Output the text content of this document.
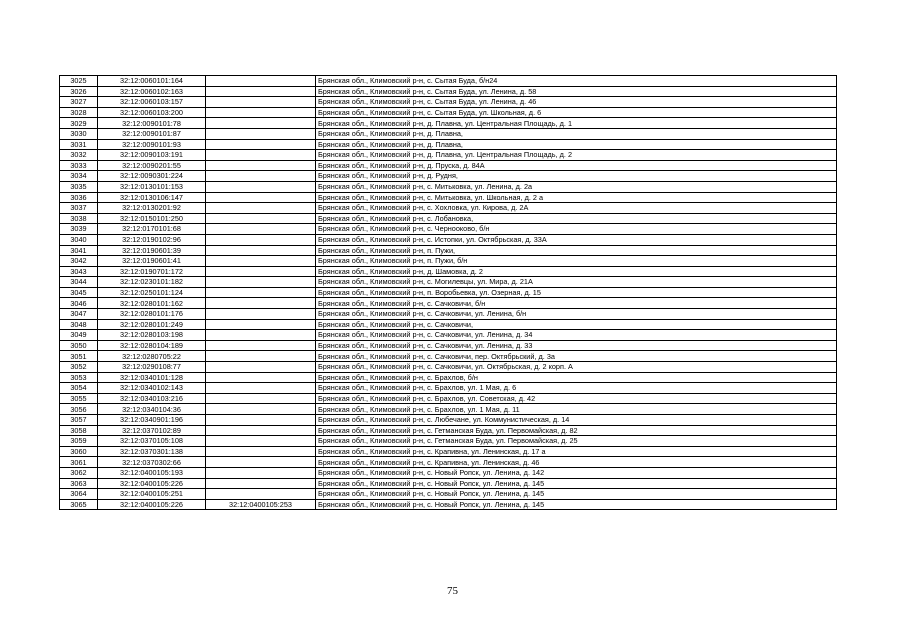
3025	32:12:0060101:164		Брянская обл., Климовский р-н, с. Сытая Буда, б/н24
3026	32:12:0060102:163		Брянская обл., Климовский р-н, с. Сытая Буда, ул. Ленина, д. 58
3027	32:12:0060103:157		Брянская обл., Климовский р-н, с. Сытая Буда, ул. Ленина, д. 46
3028	32:12:0060103:200		Брянская обл., Климовский р-н, с. Сытая Буда, ул. Школьная, д. 6
3029	32:12:0090101:78		Брянская обл., Климовский р-н, д. Плавна, ул. Центральная Площадь, д. 1
3030	32:12:0090101:87		Брянская обл., Климовский р-н, д. Плавна,
3031	32:12:0090101:93		Брянская обл., Климовский р-н, д. Плавна,
3032	32:12:0090103:191		Брянская обл., Климовский р-н, д. Плавна, ул. Центральная Площадь, д. 2
3033	32:12:0090201:55		Брянская обл., Климовский р-н, д. Пруска, д. 84А
3034	32:12:0090301:224		Брянская обл., Климовский р-н, д. Рудня,
3035	32:12:0130101:153		Брянская обл., Климовский р-н, с. Митьковка, ул. Ленина, д. 2а
3036	32:12:0130106:147		Брянская обл., Климовский р-н, с. Митьковка, ул. Школьная, д. 2 а
3037	32:12:0130201:92		Брянская обл., Климовский р-н, с. Хохловка, ул. Кирова, д. 2А
3038	32:12:0150101:250		Брянская обл., Климовский р-н, с. Лобановка,
3039	32:12:0170101:68		Брянская обл., Климовский р-н, с. Чернооково, б/н
3040	32:12:0190102:96		Брянская обл., Климовский р-н, с. Истопки, ул. Октябрьская, д. 33А
3041	32:12:0190601:39		Брянская обл., Климовский р-н, п. Пужи,
3042	32:12:0190601:41		Брянская обл., Климовский р-н, п. Пужи, б/н
3043	32:12:0190701:172		Брянская обл., Климовский р-н, д. Шамовка, д. 2
3044	32:12:0230101:182		Брянская обл., Климовский р-н, с. Могилевцы, ул. Мира, д. 21А
3045	32:12:0250101:124		Брянская обл., Климовский р-н, п. Воробьевка, ул. Озерная, д. 15
3046	32:12:0280101:162		Брянская обл., Климовский р-н, с. Сачковичи, б/н
3047	32:12:0280101:176		Брянская обл., Климовский р-н, с. Сачковичи, ул. Ленина, б/н
3048	32:12:0280101:249		Брянская обл., Климовский р-н, с. Сачковичи,
3049	32:12:0280103:198		Брянская обл., Климовский р-н, с. Сачковичи, ул. Ленина, д. 34
3050	32:12:0280104:189		Брянская обл., Климовский р-н, с. Сачковичи, ул. Ленина, д. 33
3051	32:12:0280705:22		Брянская обл., Климовский р-н, с. Сачковичи, пер. Октябрьский, д. 3а
3052	32:12:0290108:77		Брянская обл., Климовский р-н, с. Сачковичи, ул. Октябрьская, д. 2 корп. А
3053	32:12:0340101:128		Брянская обл., Климовский р-н, с. Брахлов, б/н
3054	32:12:0340102:143		Брянская обл., Климовский р-н, с. Брахлов, ул. 1 Мая, д. 6
3055	32:12:0340103:216		Брянская обл., Климовский р-н, с. Брахлов, ул. Советская, д. 42
3056	32:12:0340104:36		Брянская обл., Климовский р-н, с. Брахлов, ул. 1 Мая, д. 11
3057	32:12:0340901:196		Брянская обл., Климовский р-н, с. Любечане, ул. Коммунистическая, д. 14
3058	32:12:0370102:89		Брянская обл., Климовский р-н, с. Гетманская Буда, ул. Первомайская, д. 82
3059	32:12:0370105:108		Брянская обл., Климовский р-н, с. Гетманская Буда, ул. Первомайская, д. 25
3060	32:12:0370301:138		Брянская обл., Климовский р-н, с. Крапивна, ул. Ленинская, д. 17 а
3061	32:12:0370302:66		Брянская обл., Климовский р-н, с. Крапивна, ул. Ленинская, д. 46
3062	32:12:0400105:193		Брянская обл., Климовский р-н, с. Новый Ропск, ул. Ленина, д. 142
3063	32:12:0400105:226		Брянская обл., Климовский р-н, с. Новый Ропск, ул. Ленина, д. 145
3064	32:12:0400105:251		Брянская обл., Климовский р-н, с. Новый Ропск, ул. Ленина, д. 145
3065	32:12:0400105:226	32:12:0400105:253	Брянская обл., Климовский р-н, с. Новый Ропск, ул. Ленина, д. 145
75
